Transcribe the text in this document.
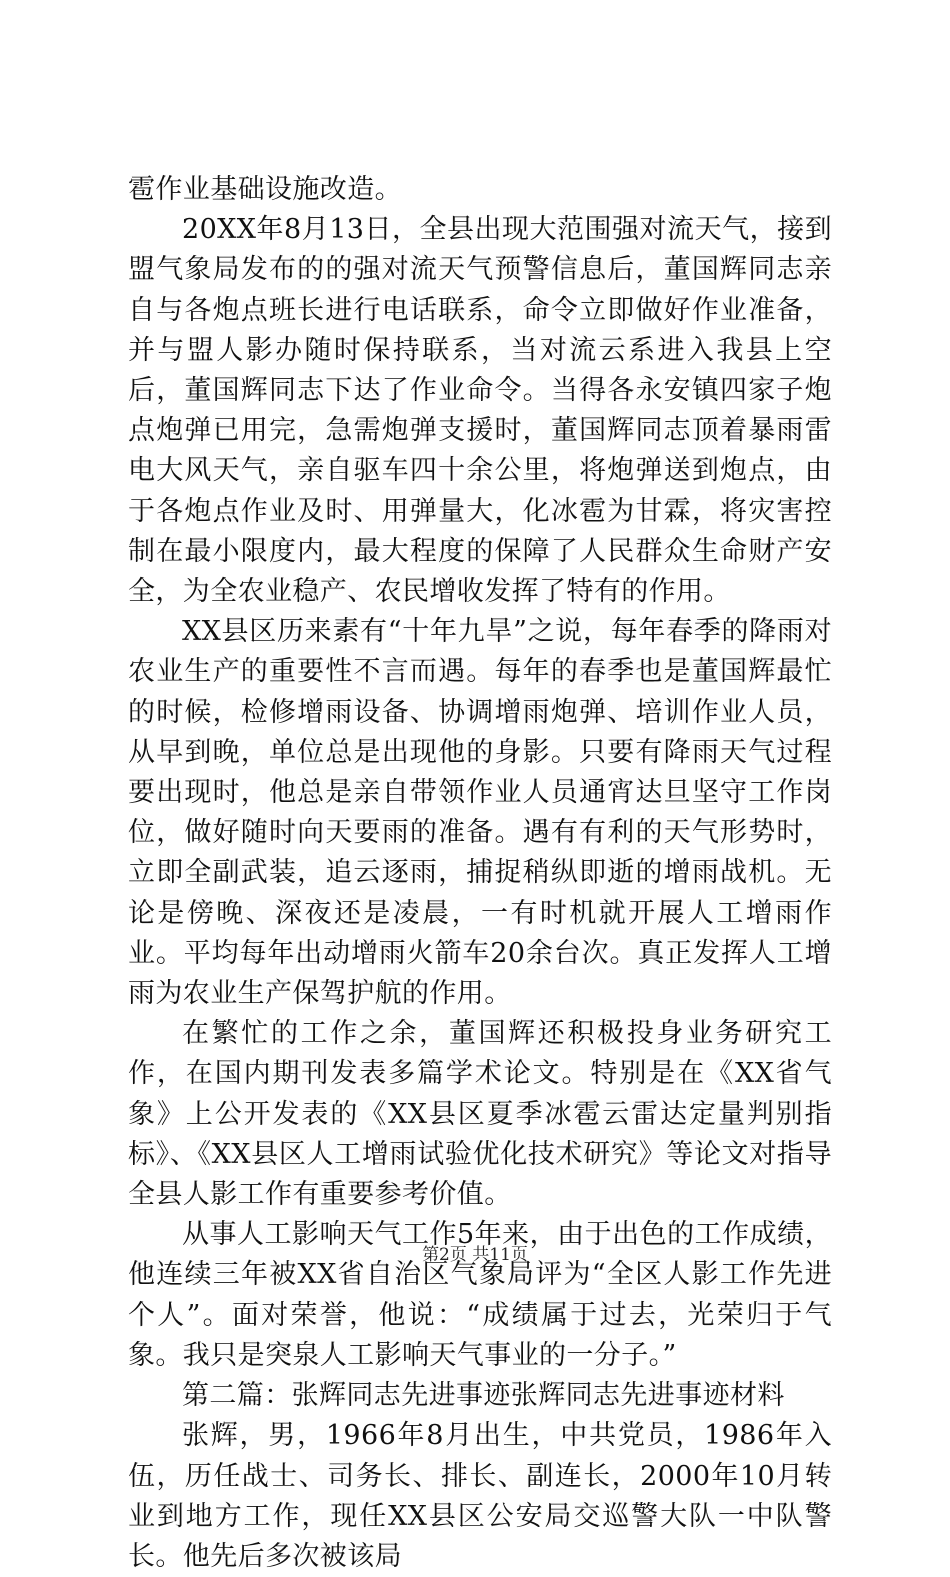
雹作业基础设施改造。

20XX年8月13日，全县出现大范围强对流天气，接到盟气象局发布的的强对流天气预警信息后，董国辉同志亲自与各炮点班长进行电话联系，命令立即做好作业准备，并与盟人影办随时保持联系，当对流云系进入我县上空后，董国辉同志下达了作业命令。当得各永安镇四家子炮点炮弹已用完，急需炮弹支援时，董国辉同志顶着暴雨雷电大风天气，亲自驱车四十余公里，将炮弹送到炮点，由于各炮点作业及时、用弹量大，化冰雹为甘霖，将灾害控制在最小限度内，最大程度的保障了人民群众生命财产安全，为全农业稳产、农民增收发挥了特有的作用。

XX县区历来素有“十年九旱”之说，每年春季的降雨对农业生产的重要性不言而遇。每年的春季也是董国辉最忙的时候，检修增雨设备、协调增雨炮弹、培训作业人员，从早到晚，单位总是出现他的身影。只要有降雨天气过程要出现时，他总是亲自带领作业人员通宵达旦坚守工作岗位，做好随时向天要雨的准备。遇有有利的天气形势时，立即全副武装，追云逐雨，捕捉稍纵即逝的增雨战机。无论是傍晚、深夜还是凌晨，一有时机就开展人工增雨作业。平均每年出动增雨火箭车20余台次。真正发挥人工增雨为农业生产保驾护航的作用。

在繁忙的工作之余，董国辉还积极投身业务研究工作，在国内期刊发表多篇学术论文。特别是在《XX省气象》上公开发表的《XX县区夏季冰雹云雷达定量判别指标》、《XX县区人工增雨试验优化技术研究》等论文对指导全县人影工作有重要参考价值。

从事人工影响天气工作5年来，由于出色的工作成绩，他连续三年被XX省自治区气象局评为“全区人影工作先进个人”。面对荣誉，他说：“成绩属于过去，光荣归于气象。我只是突泉人工影响天气事业的一分子。”

第二篇：张辉同志先进事迹张辉同志先进事迹材料

张辉，男，1966年8月出生，中共党员，1986年入伍，历任战士、司务长、排长、副连长，2000年10月转业到地方工作，现任XX县区公安局交巡警大队一中队警长。他先后多次被该局

第2页 共11页
